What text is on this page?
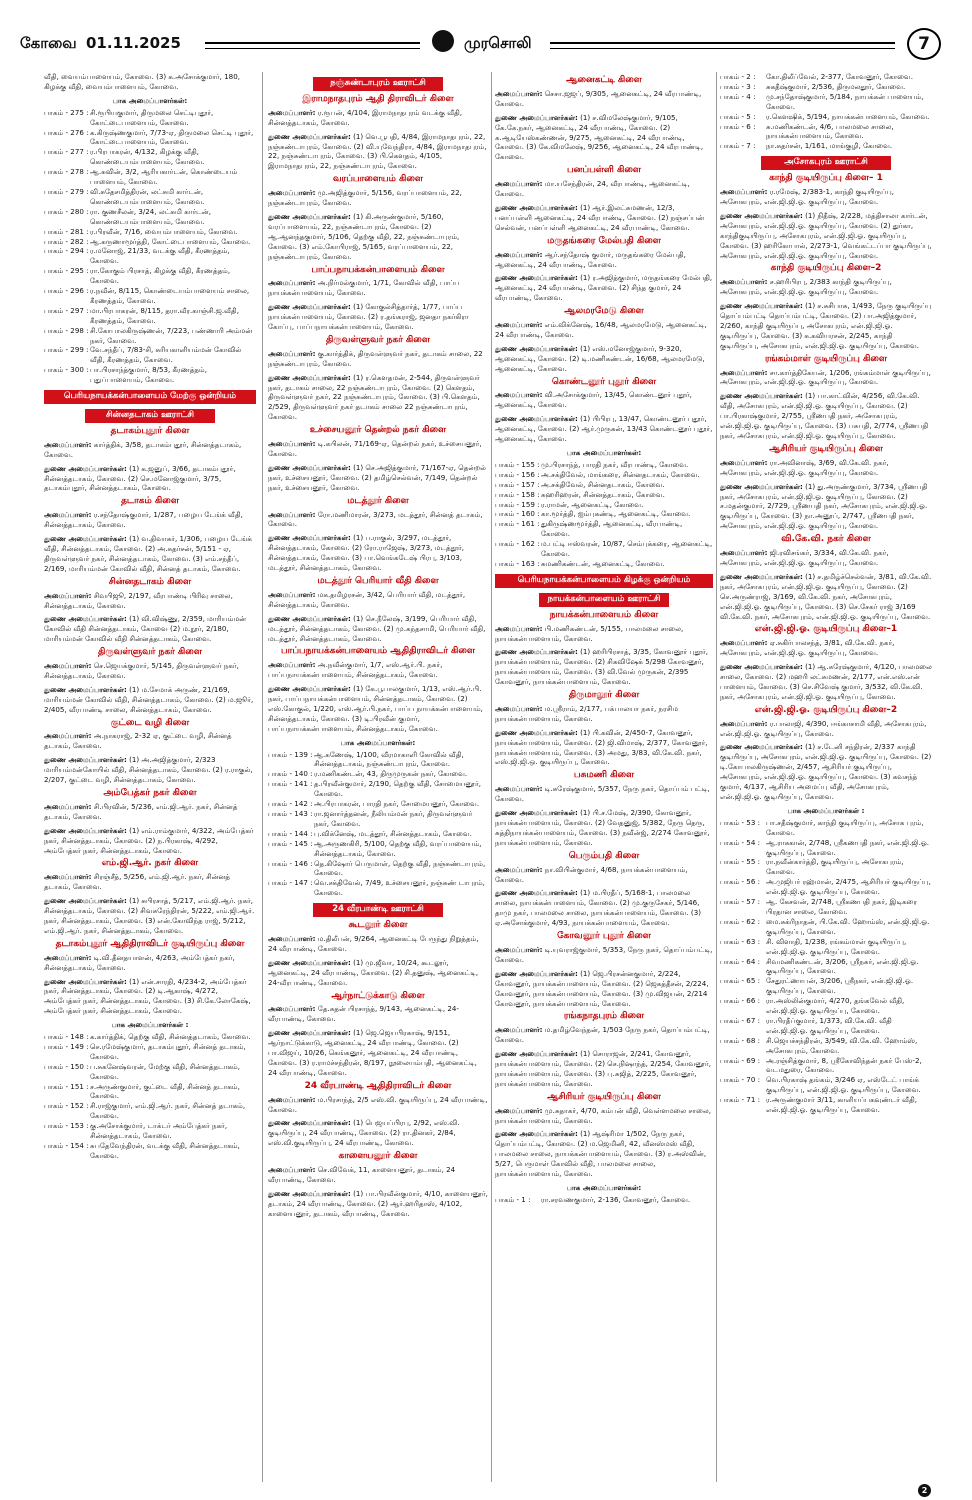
கோவை 01.11.2025	முரசொலி	7

வீதி, வையம்பாளையம், கோவை. (3) க.அசோக்குமார், 180, கிழக்கு வீதி, வையம்பாளையம், கோவை.

பாக அமைப்பாளர்கள்:
பாகம் - 275 : சி.ரூபியகுமார், திருமலை செட்டிபுதூர், கோட்டைபாளையம், கோவை.
பாகம் - 276 : க.கிருஷ்ணகுமார், 7/73-ஏ, திருமலை செட்டி புதூர், கோட்டைபாளையம், கோவை.
பாகம் - 277 : ர.பிரபாகரன், 4/132, கிழக்கு வீதி, கொண்டையம்பாளையம், கோவை.
பாகம் - 278 : ஆ.சுவின், 3/2, ஆரியகார்டன், கொண்டையம் பாளையம், கோவை.
பாகம் - 279 : வி.சுதேசமித்திரன், லட்சுமி கார்டன், கொண்டையம்பாளையம், கோவை.
பாகம் - 280 : ரா. குணசீலன், 3/24, லட்சுமி கார்டன், கொண்டையம்பாளையம், கோவை.
பாகம் - 281 : ர.பிரவீன், 7/16, வையம்பாளையம், கோவை.
பாகம் - 282 : ஆ.கருணாமூர்த்தி, கோட்டைபாளையம், கோவை.
பாகம் - 294 : ர.மனோஜ், 21/33, வடக்கு வீதி, கீரணத்தம், கோவை.
பாகம் - 295 : ரா.கோகும் பிரசாத், கிழக்கு வீதி, கீரணத்தம், கோவை.
பாகம் - 296 : ர.நவீன், 8/115, கொண்டையம்பாளையம் சாலை, கீரணத்தம், கோவை.
பாகம் - 297 : மா.பிரபாகரன், 8/115, தரா.வீர.காஞ்சி.ஜ.வீதி, கீரணத்தம், கோவை.
பாகம் - 298 : சி.கோபாலகிருஷ்ணன், 7/223, பண்ணாரி அம்மன் நகர், கோவை.
பாகம் - 299 : வே.சந்தீப், 7/83-சி, சுரியகாளியம்மன் கோவில் வீதி, கீரணத்தம், கோவை.
பாகம் - 300 : பா.பிரசாந்த்குமார், 8/53, கீரணத்தம், புதுப்பாளையம், கோவை.
பெரியநாயக்கன்பாளையம் மேற்கு ஒன்றியம்
சின்னதடாகம் ஊராட்சி
தடாகம்புதூர் கிளை

அமைப்பாளர்: கார்த்திக், 3/58, தடாகம்புதூர், சின்னத்தடாகம், கோவை.

துணை அமைப்பாளர்கள்: (1) க.ஜனுப், 3/66, தடாகம்புதூர், சின்னத்தடாகம், கோவை. (2) செ.மனோஜ்குமார், 3/75, தடாகம்புதூர், சின்னத்தடாகம், கோவை.

தடாகம் கிளை

அமைப்பாளர்: ர.சந்தோஷ்குமார், 1/287, பழைய டேங்க் வீதி, சின்னத்தடாகம், கோவை.

துணை அமைப்பாளர்கள்: (1) வ.திவாகர், 1/306, பழைய டேங்க் வீதி, சின்னத்தடாகம், கோவை. (2) அ.சுதர்சன், 5/151 - ஏ, திருவள்ளுவர் நகர், சின்னத்தடாகம், கோவை. (3) எம்.சந்தீப், 2/169, மாரியம்மன் கோவில் வீதி, சின்னத் தடாகம், கோவை.

சின்னதடாகம் கிளை

அமைப்பாளர்: சிவபிஜூ, 2/197, வீரபாண்டி பிரிவு சாலை, சின்னத்தடாகம், கோவை.

துணை அமைப்பாளர்கள்: (1) வி.விஷ்ணு, 2/359, மாரியம்மன் கோவில் வீதி சின்னத்தடாகம், கோவை (2) ம.நூர், 2/180, மாரியம்மன் கோவில் வீதி சின்னத்தடாகம், கோவை.

திருவள்ளுவர் நகர் கிளை

அமைப்பாளர்: செ.ஜெயக்குமார், 5/145, திருவள்ளுவர் நகர், சின்னத்தடாகம், கோவை.

துணை அமைப்பாளர்கள்: (1) ம.சேமாக் அருண், 21/169, மாரியம்மன் கோவில் வீதி, சின்னத்தடாகம், கோவை. (2) ம.ஜூர், 2/405, வீரபாண்டி சாலை, சின்னத்தடாகம், கோவை.

குட்டை வழி கிளை

அமைப்பாளர்: அ.நாகராஜ், 2-32 ஏ, குட்டை வழி, சின்னத் தடாகம், கோவை.

துணை அமைப்பாளர்கள்: (1) அ.அஜித்குமார், 2/323 மாரியம்மன்கோயில் வீதி, சின்னத்தடாகம், கோவை. (2) ர.ராகுல், 2/207, குட்டை வழி, சின்னத்தடாகம், கோவை.

அம்பேத்கர் நகர் கிளை

அமைப்பாளர்: சி.பிரவின், 5/236, எம்.ஜி.ஆர். நகர், சின்னத் தடாகம், கோவை.

துணை அமைப்பாளர்கள்: (1) எம்.ராம்குமார், 4/322, அம்பேத்கர் நகர், சின்னத்தடாகம், கோவை. (2) ந.பிரகாஷ், 4/292, அம்பேத்கர் நகர், சின்னத்தடாகம், கோவை.

எம்.ஜி.ஆர். நகர் கிளை

அமைப்பாளர்: சிரஞ்சீத், 5/256, எம்.ஜி.ஆர். நகர், சின்னத் தடாகம், கோவை.

துணை அமைப்பாளர்கள்: (1) சுபிரசாத், 5/217, எம்.ஜி.ஆர். நகர், சின்னத்தடாகம், கோவை. (2) சிவசுரேந்திரன், 5/222, எம்.ஜி.ஆர். நகர், சின்னத்தடாகம், கோவை. (3) என்.கோவிந்த ராஜ், 5/212, எம்.ஜி.ஆர். நகர், சின்னத்தடாகம், கோவை.

தடாகம்புதூர் ஆதிதிராவிடர் குடியிருப்பு கிளை

அமைப்பாளர்: டி.வி.தீனதயாளன், 4/263, அம்பேத்கர் நகர், சின்னத்தடாகம், கோவை.

துணை அமைப்பாளர்கள்: (1) என்.சாரதி, 4/234-2, அம்பேத்கர் நகர், சின்னத்தடாகம், கோவை. (2) டி.ஆகாஷ், 4/272, அம்பேத்கர் நகர், சின்னத்தடாகம், கோவை. (3) சி.கே.லோகேஷ், அம்பேத்கர் நகர், சின்னத்தடாகம், கோவை.

பாக அமைப்பாளர்கள் :
பாகம் - 148 : க.கார்த்திக், தெற்கு வீதி, சின்னத்தடாகம், கோவை.
பாகம் - 149 : செ.ரமேஷ்குமார், தடாகம்புதூர், சின்னத் தடாகம், கோவை.
பாகம் - 150 : ப.சுகனேஷ்வரன், மேற்கு வீதி, சின்னத்தடாகம், கோவை.
பாகம் - 151 : ச.அருண்குமார், குட்டை வீதி, சின்னத் தடாகம், கோவை.
பாகம் - 152 : சி.ராஜ்குமார், எம்.ஜி.ஆர். நகர், சின்னத் தடாகம், கோவை.
பாகம் - 153 : கு.அசோக்குமார், டாக்டர் அம்பேத்கர் நகர், சின்னத்தடாகம், கோவை.
பாகம் - 154 : சுபதேவேந்திரன், வடக்கு வீதி, சின்னத்தடாகம், கோவை.
நஞ்சுண்டாபுரம் ஊராட்சி
இராமநாதபுரம் ஆதி திராவிடர் கிளை

அமைப்பாளர்: ர.ரூபன், 4/104, இராமநாதபுரம் வடக்கு வீதி, சின்னத்தடாகம், கோவை.

துணை அமைப்பாளர்கள்: (1) வெ.பூபதி, 4/84, இராமநாதபுரம், 22, நஞ்சுண்டாபுரம், கோவை. (2) வி.யுவேந்திரா, 4/84, இராமநாதபுரம், 22, நஞ்சுண்டாபுரம், கோவை. (3) பி.கௌதம், 4/105, இராமநாதபுரம், 22, நஞ்சுண்டாபுரம், கோவை.

வரப்பாளையம் கிளை

அமைப்பாளர்: மு.அஜித்குமார், 5/156, வரப்பாளையம், 22, நஞ்சுண்டாபுரம், கோவை.

துணை அமைப்பாளர்கள்: (1) கி.அருண்குமார், 5/160, வரப்பாளையம், 22, நஞ்சுண்டாபுரம், கோவை. (2) ஆ.ஆனந்தகுமார், 5/106, தெற்கு வீதி, 22, நஞ்சுண்டாபுரம், கோவை. (3) எம்.கோபிராஜ், 5/165, வரப்பாளையம், 22, நஞ்சுண்டாபுரம், கோவை.

பாப்பநாயக்கன்பாளையம் கிளை

அமைப்பாளர்: அ.நிர்மல்குமார், 1/71, கோவில் வீதி, பாப்ப நாயக்கன்பாளையம், கோவை.

துணை அமைப்பாளர்கள்: (1) கோகுல்சித்தார்த், 1/77, பாப்ப நாயக்கன்பாளையம், கோவை. (2) ர.தங்கராஜ், ஜனதா நகர்கிரா கோப்பு, பாப்பநாயக்கன்பாளையம், கோவை.

திருவள்ளுவர் நகர் கிளை

அமைப்பாளர்: கு.கார்த்திக், திருவள்ளுவர் நகர், தடாகம் சாலை, 22 நஞ்சுண்டாபுரம், கோவை.

துணை அமைப்பாளர்கள்: (1) ர.கௌதமன், 2-544, திருவள்ளுவர் நகர், தடாகம் சாலை, 22 நஞ்சுண்டாபுரம், கோவை. (2) கௌதம், திருவள்ளுவர் நகர், 22 நஞ்சுண்டாபுரம், கோவை. (3) பி.கௌதம், 2/529, திருவள்ளுவர் நகர் தடாகம் சாலை 22 நஞ்சுண்டாபுரம், கோவை.

உச்சையனூர் தென்றல் நகர் கிளை

அமைப்பாளர்: டி.கபிலன், 71/169-ஏ, தென்றல் நகர், உச்சையனூர், கோவை.

துணை அமைப்பாளர்கள்: (1) செ.அஜித்குமார், 71/167-ஏ, தென்றல் நகர், உச்சையனூர், கோவை. (2) தமிழ்செல்வன், 7/149, தென்றல் நகர், உச்சையனூர், கோவை.

மடத்தூர் கிளை

அமைப்பாளர்: ரோ.மணிமாரன், 3/273, மடத்தூர், சின்னத் தடாகம், கோவை.

துணை அமைப்பாளர்கள்: (1) ப.ராகுல், 3/297, மடத்தூர், சின்னத்தடாகம், கோவை. (2) ரோ.ராஜேஷ், 3/273, மடத்தூர், சின்னத்தடாகம், கோவை. (3) பா.வெங்கடேஷ் பிரபு, 3/103, மடத்தூர், சின்னத்தடாகம், கோவை.

மடத்தூர் பெரியார் வீதி கிளை

அமைப்பாளர்: மக.தமிழரசன், 3/42, பெரியார் வீதி, மடத்தூர், சின்னத்தடாகம், கோவை.

துணை அமைப்பாளர்கள்: (1) செ.நீலேஷ், 3/199, பெரியார் வீதி, மடத்தூர், சின்னத்தடாகம், கோவை. (2) மு.கந்தசாமி, பெரியார் வீதி, மடத்தூர், சின்னத்தடாகம், கோவை.

பாப்பநாயக்கன்பாளையம் ஆதிதிராவிடர் கிளை

அமைப்பாளர்: அ.நவீன்குமார், 1/7, எஸ்.ஆர்.பி. நகர், பாப்பநாயக்கன்பாளையம், சின்னத்தடாகம், கோவை.

துணை அமைப்பாளர்கள்: (1) கே.பூபாலகுமார், 1/13, எஸ்.ஆர்.பி. நகர், பாப்பநாயக்கன்பாளையம், சின்னத்தடாகம், கோவை. (2) எஸ்.கோகுல், 1/220, எஸ்.ஆர்.பி.நகர், பாப்ப நாயக்கன்பாளையம், சின்னத்தடாகம், கோவை. (3) டி.பிரவீன் குமார், பாப்பநாயக்கன்பாளையம், சின்னத்தடாகம், கோவை.

பாக அமைப்பாளர்கள்:
பாகம் - 139 : ஆ.கணேஷ், 1/100, வீரமாகாளி கோவில் வீதி, சின்னத்தடாகம், நஞ்சுண்டாபுரம், கோவை.
பாகம் - 140 : ர.மணிகண்டன், 43, திருமுருகன் நகர், கோவை.
பாகம் - 141 : த.பிரவீன்குமார், 2/190, தெற்கு வீதி, சோமையனூர், கோவை.
பாகம் - 142 : அ.பிரபாகரன், பாரதி நகர், சோமையனூர், கோவை.
பாகம் - 143 : ரா.ஜனார்த்தனன், நீலியம்மன் நகர், திருவள்ளுவர் நகர், கோவை.
பாகம் - 144 : பு.விக்னேஷ், மடத்தூர், சின்னத்தடாகம், கோவை.
பாகம் - 145 : ஆ.அருணகிரி, 5/100, தெற்கு வீதி, வரப்பாளையம், சின்னத்தடாகம், கோவை.
பாகம் - 146 : தெ.கிஷோர் பெருமாள், தெற்கு வீதி, நஞ்சுண்டாபுரம், கோவை.
பாகம் - 147 : வெ.சக்திவேல், 7/49, உச்சையனூர், நஞ்சுண் டாபுரம், கோவை.
24 வீரபாண்டி ஊராட்சி
கூடலூர் கிளை

அமைப்பாளர்: ம.திலீபன், 9/264, ஆனைகட்டி பேருந்து நிறுத்தம், 24 வீரபாண்டி, கோவை.

துணை அமைப்பாளர்கள்: (1) மு.ஜீவா, 10/24, கூடலூர், ஆனைகட்டி, 24 வீரபாண்டி, கோவை. (2) சி.தனுஷ், ஆனைகட்டி, 24-வீரபாண்டி, கோவை.

ஆர்நாட்டுக்காடு கிளை

அமைப்பாளர்: தே.சுதன் பிரசாந்த், 9/143, ஆனைகட்டி, 24-வீரபாண்டி, கோவை.

துணை அமைப்பாளர்கள்: (1) ஜெ.ஜெயபிரகாஷ், 9/151, ஆர்நாட்டுக்காடு, ஆனைகட்டி, 24 வீரபாண்டி, கோவை. (2) பா.விஜய், 10/26, கெங்கனூர், ஆனைகட்டி, 24 வீரபாண்டி, கோவை. (3) ர.ராமச்சந்திரன், 8/197, நூலையம்பதி, ஆனைகட்டி, 24 வீரபாண்டி, கோவை.

24 வீரபாண்டி ஆதிதிராவிடர் கிளை

அமைப்பாளர்: ம.பிரசாந்த், 2/5 எஸ்.வி. குடியிருப்பு, 24 வீரபாண்டி, கோவை.

துணை அமைப்பாளர்கள்: (1) பெஜயப்பிரபு, 2/92, எஸ்.வி. குடியிருப்பு, 24 வீரபாண்டி, கோவை. (2) ரா.தினகர், 2/84, எஸ்.வி.குடியிருப்பு, 24 வீரபாண்டி, கோவை.

காளையனூர் கிளை

அமைப்பாளர்: செ.விவேக், 11, காளையனூர், தடாகம், 24 வீரபாண்டி, கோவை.

துணை அமைப்பாளர்கள்: (1) பா.பிரவீன்குமார், 4/10, காளையனூர், தடாகம், 24 வீரபாண்டி, கோவை. (2) ஆர்.ஹரிதாஸ், 4/102, காளையனூர், தடாகம், வீரபாண்டி, கோவை.

ஆனைகட்டி கிளை

அமைப்பாளர்: செசா.ஜஜப், 9/305, ஆனைகட்டி, 24 வீரபாண்டி, கோவை.

துணை அமைப்பாளர்கள்: (1) ச.விமலேஷ்குமார், 9/105, கே.கே.நகர், ஆனைகட்டி, 24 வீரபாண்டி, கோவை. (2) க.ஆடியேஸ்கண்ணன், 9/275, ஆனைகட்டி, 24 வீரபாண்டி, கோவை. (3) கே.விமலேஷ், 9/256, ஆனைகட்டி, 24 வீரபாண்டி, கோவை.

பனப்பள்ளி கிளை

அமைப்பாளர்: மா.யசேந்திரன், 24, வீரபாண்டி, ஆனைகட்டி, கோவை.

துணை அமைப்பாளர்கள்: (1) ஆர்.இலட்சுமணன், 12/3, பனப்பள்ளி ஆனைகட்டி, 24 வீரபாண்டி, கோவை. (2) நஞ்சப்பன் செல்வன், பனப்பள்ளி ஆனைகட்டி, 24 வீரபாண்டி, கோவை.

மருதங்கரை மேல்பதி கிளை

அமைப்பாளர்: ஆர்.சந்தோஷ் குமார், மருதங்கரை மேல்பதி, ஆனைகட்டி, 24 வீரபாண்டி, கோவை.

துணை அமைப்பாளர்கள்: (1) ர.அஜித்குமார், மருதங்கரை மேல்பதி, ஆனைகட்டி, 24 வீரபாண்டி, கோவை. (2) சிந்த குமார், 24 வீரபாண்டி, கோவை.

ஆலமரமேடு கிளை

அமைப்பாளர்: எம்.விக்னேஷ், 16/48, ஆலமரமேடு, ஆனைகட்டி, 24 வீரபாண்டி, கோவை.

துணை அமைப்பாளர்கள்: (1) எஸ்.மனோஜ்குமார், 9-320, ஆனைகட்டி, கோவை. (2) டி.மணிகண்டன், 16/68, ஆலமரமேடு, ஆனைகட்டி, கோவை.

கொண்டனூர் புதூர் கிளை

அமைப்பாளர்: வி.அசோக்குமார், 13/45, கொண்டனூர் புதூர், ஆனைகட்டி, கோவை.

துணை அமைப்பாளர்கள்: (1) பிபிரபு, 13/47, கொண்டனூர் புதூர், ஆனைகட்டி, கோவை. (2) ஆர்.முருகன், 13/43 கொண்டனூர் புதூர், ஆனைகட்டி, கோவை.

பாக அமைப்பாளர்கள்:
பாகம் - 155 : மு.பிரசாந்த், பாரதி நகர், வீரபாண்டி, கோவை.
பாகம் - 156 : அ.சக்திவேல், மாங்கரை, சின்னதடாகம், கோவை.
பாகம் - 157 : அ.சக்திவேல், சின்னதடாகம், கோவை.
பாகம் - 158 : சுஹரிஹரன், சின்னத்தடாகம், கோவை.
பாகம் - 159 : ர.ராமன், ஆனைகட்டி, கோவை.
பாகம் - 160 : கா.மூர்த்தி, ஐம்புகண்டி, ஆனைகட்டி, கோவை.
பாகம் - 161 : துகிருஷ்ணமூர்த்தி, ஆனைகட்டி, வீரபாண்டி, கோவை.
பாகம் - 162 : ம.பட்டி ஈஸ்வரன், 10/87, செம்புக்கரை, ஆனைகட்டி, கோவை.
பாகம் - 163 : சுமணிகண்டன், ஆனைகட்டி, கோவை.
பெரியநாயக்கன்பாளையம் கிழக்கு ஒன்றியம்
நாயக்கன்பாளையம் ஊராட்சி
நாயக்கன்பாளையம் கிளை

அமைப்பாளர்: பி.மணிகண்டன், 5/155, பாலமலை சாலை, நாயக்கன்பாளையம், கோவை.

துணை அமைப்பாளர்கள்: (1) ஹரிபிரசாத், 3/35, கோவனூர் புதூர், நாயக்கன்பாளையம், கோவை. (2) சிகவிஷேக் 5/298 கோவனூர், நாயக்கன்பாளையம், கோவை. (3) வி.வேல் முருகன், 2/395 கோவனூர், நாயக்கன்பாளையம், கோவை.

திருமாலூர் கிளை

அமைப்பாளர்: ம.ஸ்ரீராம், 2/177, பக்பாலயா நகர், நரசிம நாயக்கன்பாளையம், கோவை.

துணை அமைப்பாளர்கள்: (1) பி.கவின், 2/450-7, கோவனூர், நாயக்கன்பாளையம், கோவை. (2) ஜி.விமாஷ், 2/377, கோவனூர், நாயக்கன்பாளையம், கோவை. (3) அமது, 3/83, வி.கே.வி. நகர், எஸ்.ஜி.ஜி.ஒ. குடியிருப்பு, கோவை.

பசுமணி கிளை

அமைப்பாளர்: டி.சுரேஷ்குமார், 5/357, நேரு நகர், தொப்பம் பட்டி, கோவை.

துணை அமைப்பாளர்கள்: (1) பி.ச.மேஷ், 2/390, கோவனூர், நாயக்கன்பாளையம், கோவை. (2) வேதனுஜ், 5/382, நேரு தெரு, சுத்திநாயக்கன்பாளையம், கோவை. (3) நவீன்ஜ், 2/274 கோவனூர், நாயக்கன்பாளையம், கோவை.

பெரும்பதி கிளை

அமைப்பாளர்: நா.விபின்குமார், 4/68, நாயக்கன்பாளையம், கோவை.

துணை அமைப்பாளர்கள்: (1) ம.பிரதீப், 5/168-1, பாலமலை சாலை, நாயக்கன்பாளையம், கோவை. (2) மு.குருசேகர், 5/146, தாமு நகர், பாலமலை சாலை, நாயக்கன்பாளையம், கோவை. (3) ஏ.அசோக்குமார், 4/93, நாயக்கன்பாளையம், கோவை.

கோவனூர் புதூர் கிளை

அமைப்பாளர்: டி.யுவராஜ்குமார், 5/353, நேரு நகர், தொப்பம்பட்டி, கோவை.

துணை அமைப்பாளர்கள்: (1) ஜெ.பிரசன்னகுமார், 2/224, கோவனூர், நாயக்கன்பாளையம், கோவை. (2) ஜெகத்தீசன், 2/224, கோவனூர், நாயக்கன்பாளையம், கோவை. (3) மு.விஜயன், 2/214 கோவனூர், நாயக்கன்பாளையம், கோவை.

ரங்கநாதபுரம் கிளை

அமைப்பாளர்: ம.தமிழ்வேந்தன், 1/503 நேரு நகர், தொப்பம்பட்டி, கோவை.

துணை அமைப்பாளர்கள்: (1) சொராஜன், 2/241, கோவனூர், நாயக்கன்பாளையம், கோவை. (2) செ.நிஷாந்த், 2/254, கோவனூர், நாயக்கன்பாளையம், கோவை. (3) பு.சுஜித், 2/225, கோவனூர், நாயக்கன்பாளையம், கோவை.

ஆசிரியர் குடியிருப்பு கிளை

அமைப்பாளர்: மு.சுதாகர், 4/70, கம்பன் வீதி, வெள்ளமலை சாலை, நாயக்கன்பாளையம், கோவை.

துணை அமைப்பாளர்கள்: (1) ஆஷ்ரிமா 1/502, நேரு நகர், தொப்பம்பட்டி, கோவை. (2) ம.ஜெமினி, 42, வீனஸ்மஸ் வீதி, பாலமலை சாலை, நாயக்கன்பாளையம், கோவை. (3) ர.அஸ்வின், 5/27, பெருமாள் கோவில் வீதி, பாலமலை சாலை, நாயக்கன்பாளையம், கோவை.

பாக அமைப்பாளர்கள்:
பாகம் - 1 :	ரா.சரவணகுமார், 2-136, கோவனூர், கோவை.
பாகம் - 2 :	கோ.திலீப்வேல், 2-377, கோவனூர், கோவை.
பாகம் - 3 :	சுகதீஷ்குமார், 2/536, திருமலதூர், கோவை.
பாகம் - 4 :	மு.சந்தோஷ்குமார், 5/184, நாயக்கன் பாளையம், கோவை.
பாகம் - 5 :	ர.கௌஷிக், 5/194, நாயக்கன்பாளையம், கோவை.
பாகம் - 6 :	சு.மணிகண்டன், 4/6, பாலமலை சாலை, நாயக்கன்பாளையம், கோவை.
பாகம் - 7 :	நா.சுதர்சன், 1/161, மாங்குழி, கோவை.
அசோகபுரம் ஊராட்சி
காந்தி குடியிருப்பு கிளை– 1

அமைப்பாளர்: ர.ரமேஷ், 2/383-1, காந்தி குடியிருப்பு, அசோகபுரம், என்.ஜி.ஜி.ஓ. குடியிருப்பு, கோவை.

துணை அமைப்பாளர்கள்: (1) நிதீஷ், 2/228, மத்திசாலா கார்டன், அசோகபுரம், என்.ஜி.ஜி.ஓ. குடியிருப்பு, கோவை. (2) துர்கா, காந்திகுடியிருப்பு, அசோகபுரம், என்.ஜி.ஜி.ஓ. குடியிருப்பு, கோவை. (3) ஹரிகோபால், 2/273-1, வெங்கட்டப்பா குடியிருப்பு, அசோகபுரம், என்.ஜி.ஜி.ஓ. குடியிருப்பு, கோவை.

காந்தி குடியிருப்பு கிளை–2

அமைப்பாளர்: ச.ஹரிபிரபு, 2/383 காந்தி குடியிருப்பு, அசோகபுரம், என்.ஜி.ஜி.ஓ. குடியிருப்பு, கோவை.

துணை அமைப்பாளர்கள்: (1) ச.சுசிபாசு, 1/493, நேரு குடியிருப்பு தொப்பம்பட்டி தொப்பம்பட்டி, கோவை. (2) பா.அஜித்குமார், 2/260, காந்தி குடியிருப்பு, அசோகபுரம், என்.ஜி.ஜி.ஓ. குடியிருப்பு, கோவை. (3) சு.கவியரசன், 2/245, காந்தி குடியிருப்பு, அசோகபுரம், என்.ஜி.ஜி.ஓ. குடியிருப்பு, கோவை.

ரங்கம்மாள் குடியிருப்பு கிளை

அமைப்பாளர்: சா.கார்த்திகேயன், 1/206, ரங்கம்மாள் குடியிருப்பு, அசோகபுரம், என்.ஜி.ஜி.ஓ. குடியிருப்பு, கோவை.

துணை அமைப்பாளர்கள்: (1) பா.காட்வின், 4/256, வி.கே.வி. வீதி, அசோகபுரம், என்.ஜி.ஜி.ஓ. குடியிருப்பு, கோவை. (2) பா.பிரகாஷ்குமார், 2/755, ஸ்ரீணபதி நகர், அசோகபுரம், என்.ஜி.ஜி.ஓ. குடியிருப்பு, கோவை. (3) பசுபதி, 2/774, ஸ்ரீணபதி நகர், அசோகபுரம், என்.ஜி.ஜி.ஓ. குடியிருப்பு, கோவை.

ஆசிரியர் குடியிருப்பு கிளை

அமைப்பாளர்: ரா.அவினாஷ், 3/69, வி.கே.வி. நகர், அசோகபுரம், என்.ஜி.ஜி.ஓ. குடியிருப்பு, கோவை.

துணை அமைப்பாளர்கள்: (1) து.அருண்குமார், 3/734, ஸ்ரீணபதி நகர், அசோகபுரம், என்.ஜி.ஜி.ஓ. குடியிருப்பு, கோவை. (2) ச.மதன்குமார், 2/729, ஸ்ரீணபதி நகர், அசோகபுரம், என்.ஜி.ஜி.ஓ. குடியிருப்பு, கோவை. (3) நா.அனூப், 2/747, ஸ்ரீணபதி நகர், அசோகபுரம், என்.ஜி.ஜி.ஓ. குடியிருப்பு, கோவை.

வி.கே.வி. நகர் கிளை

அமைப்பாளர்: ஜி.ரவிசங்கர், 3/334, வி.கே.வி. நகர், அசோகபுரம், என்.ஜி.ஜி.ஓ. குடியிருப்பு, கோவை.

துணை அமைப்பாளர்கள்: (1) ச.தமிழ்ச்செல்வன், 3/81, வி.கே.வி. நகர், அசோகபுரம், என்.ஜி.ஜி.ஓ. குடியிருப்பு, கோவை. (2) செ.அருண்ராஜ், 3/169, வி.கே.வி. நகர், அசோகபுரம், என்.ஜி.ஜி.ஓ. குடியிருப்பு, கோவை. (3) செ.சேகர் ராஜ் 3/169 வி.கே.வி. நகர், அசோகபுரம், என்.ஜி.ஜி.ஓ. குடியிருப்பு, கோவை.

என்.ஜி.ஜி.ஓ. குடியிருப்பு கிளை–1

அமைப்பாளர்: ஏ.சுகிர்பாலசந்த், 3/81, வி.கே.வி. நகர், அசோகபுரம், என்.ஜி.ஜி.ஓ. குடியிருப்பு, கோவை.

துணை அமைப்பாளர்கள்: (1) ஆ.சுரேஷ்குமார், 4/120, பாலமலை சாலை, கோவை. (2) மஹரி லட்சுமணன், 2/177, என்.எஸ்.என் பாளையம், கோவை. (3) செ.சிவேஷ் குமார், 3/532, வி.கே.வி. நகர், அசோகபுரம், என்.ஜி.ஜி.ஓ. குடியிருப்பு, கோவை.

என்.ஜி.ஜி.ஓ. குடியிருப்பு கிளை–2

அமைப்பாளர்: ர.பாலாஜி, 4/390, ஈங்காசாமி வீதி, அசோகபுரம், என்.ஜி.ஜி.ஓ. குடியிருப்பு, கோவை.

துணை அமைப்பாளர்கள்: (1) ச.டேனி சந்திரன், 2/337 காந்தி குடியிருப்பு, அசோகபுரம், என்.ஜி.ஜி.ஓ. குடியிருப்பு, கோவை. (2) டி.கோபாலகிருஷ்ணன், 2/457, ஆசிரியர் குடியிருப்பு, அசோகபுரம், என்.ஜி.ஜி.ஓ. குடியிருப்பு, கோவை. (3) கவசந்த் குமார், 4/137, ஆசிரிய அமைப்பு வீதி, அசோகபுரம், என்.ஜி.ஜி.ஓ. குடியிருப்பு, கோவை.

பாக அமைப்பாளர்கள் :
பாகம் - 53 : பா.சதீஷ்குமார், காந்தி குடியிருப்பு, அசோக புரம், கோவை.
பாகம் - 54 : ஆ.ராசுகான், 2/748, ஸ்ரீகணபதி நகர், என்.ஜி.ஜி.ஓ. குடியிருப்பு, கோவை.
பாகம் - 55 : ரா.நவீன்கார்த்தி, குடியிருப்பு, அசோகபுரம், கோவை.
பாகம் - 56 : அ.முஜிபர் ரஹ்மான், 2/475, ஆசிரியர் குடியிருப்பு, என்.ஜி.ஜி.ஓ. குடியிருப்பு, கோவை.
பாகம் - 57 : ஆ. கேசவன், 2/748, ஸ்ரீகணபதி நகர், இடிகரை பிரதான சாலை, கோவை.
பாகம் - 62 : மை.சுக்ரிநாதன், பி.கே.வி. ஹோம்ஸ், என்.ஜி.ஜி.ஓ. குடியிருப்பு, கோவை.
பாகம் - 63 : சி. விளாதி, 1/238, ரங்கம்மாள் குடியிருப்பு, என்.ஜி.ஜி.ஓ. குடியிருப்பு, கோவை.
பாகம் - 64 : சிவமணிகண்டன், 3/206, ஸ்ரீநகர், என்.ஜி.ஜி.ஓ. குடியிருப்பு, கோவை.
பாகம் - 65 : சேதுரட்ணாபன், 3/206, ஸ்ரீநகர், என்.ஜி.ஜி.ஓ. குடியிருப்பு, கோவை.
பாகம் - 66 : ரா.அஸ்லின்குமார், 4/270, தங்கவேல் வீதி, என்.ஜி.ஜி.ஓ. குடியிருப்பு, கோவை.
பாகம் - 67 : ரா.பிரதீப்குமார், 1/373, வி.கே.வி. வீதி என்.ஜி.ஜி.ஓ. குடியிருப்பு, கோவை.
பாகம் - 68 : சி.ஜெயச்சந்திரன், 3/549, வி.கே.வி. ஹோம்ஸ், அசோகபுரம், கோவை.
பாகம் - 69 : அ.ரஞ்சித்குமார், 8, ஸ்ரீகோவிந்தன் நகர் பேஸ்-2, வடமதுரை, கோவை.
பாகம் - 70 : வெ.பிரகாஷ் தங்கம், 3/246 ஏ, எஸ்டேட் பாங்க் குடியிருப்பு, என்.ஜி.ஜி.ஓ. குடியிருப்பு, கோவை.
பாகம் - 71 : ர.அருண்குமார் 3/11, காளியப்பகவுண்டர் வீதி, என்.ஜி.ஜி.ஓ. குடியிருப்பு, கோவை.
2
